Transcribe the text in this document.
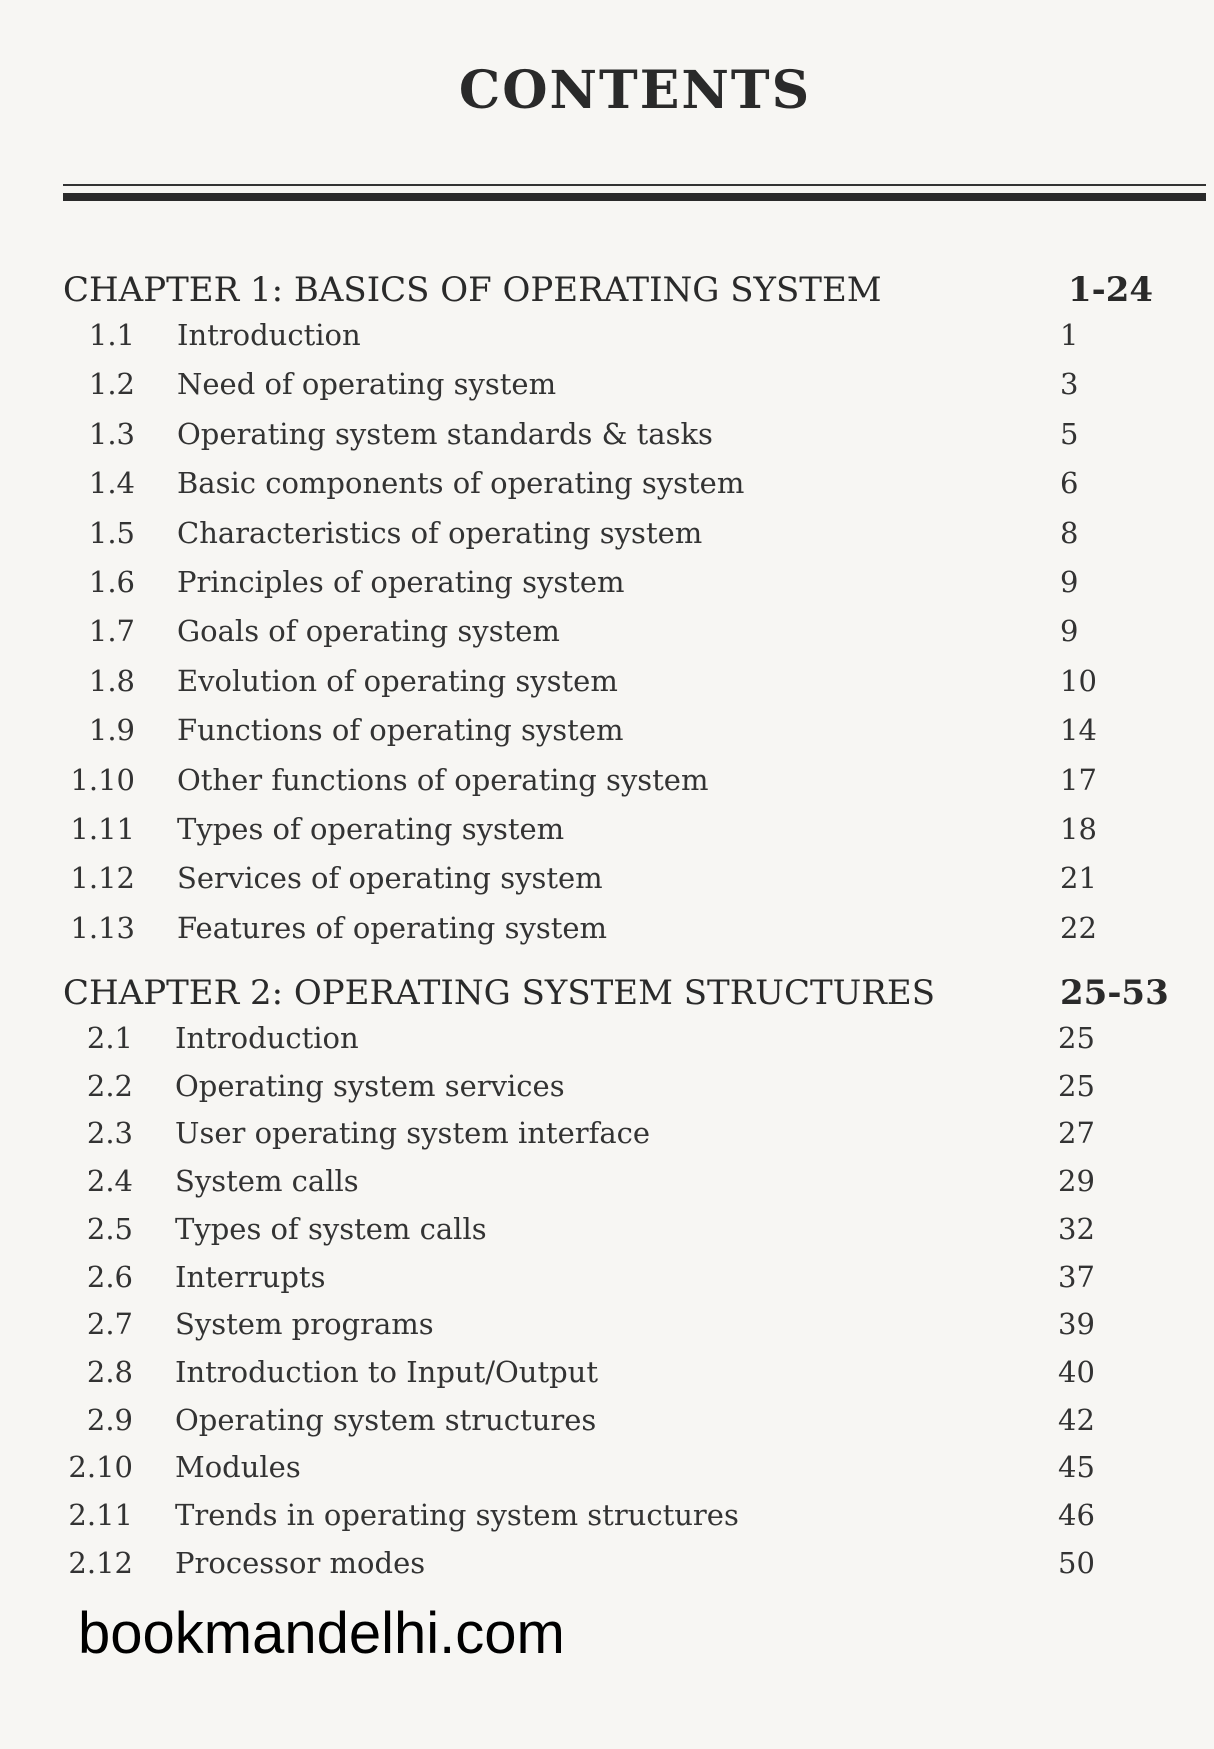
CONTENTS
CHAPTER 1: BASICS OF OPERATING SYSTEM	1-24
1.1 Introduction	1
1.2 Need of operating system	3
1.3 Operating system standards & tasks	5
1.4 Basic components of operating system	6
1.5 Characteristics of operating system	8
1.6 Principles of operating system	9
1.7 Goals of operating system	9
1.8 Evolution of operating system	10
1.9 Functions of operating system	14
1.10 Other functions of operating system	17
1.11 Types of operating system	18
1.12 Services of operating system	21
1.13 Features of operating system	22
CHAPTER 2: OPERATING SYSTEM STRUCTURES	25-53
2.1 Introduction	25
2.2 Operating system services	25
2.3 User operating system interface	27
2.4 System calls	29
2.5 Types of system calls	32
2.6 Interrupts	37
2.7 System programs	39
2.8 Introduction to Input/Output	40
2.9 Operating system structures	42
2.10 Modules	45
2.11 Trends in operating system structures	46
2.12 Processor modes	50
bookmandelhi.com
